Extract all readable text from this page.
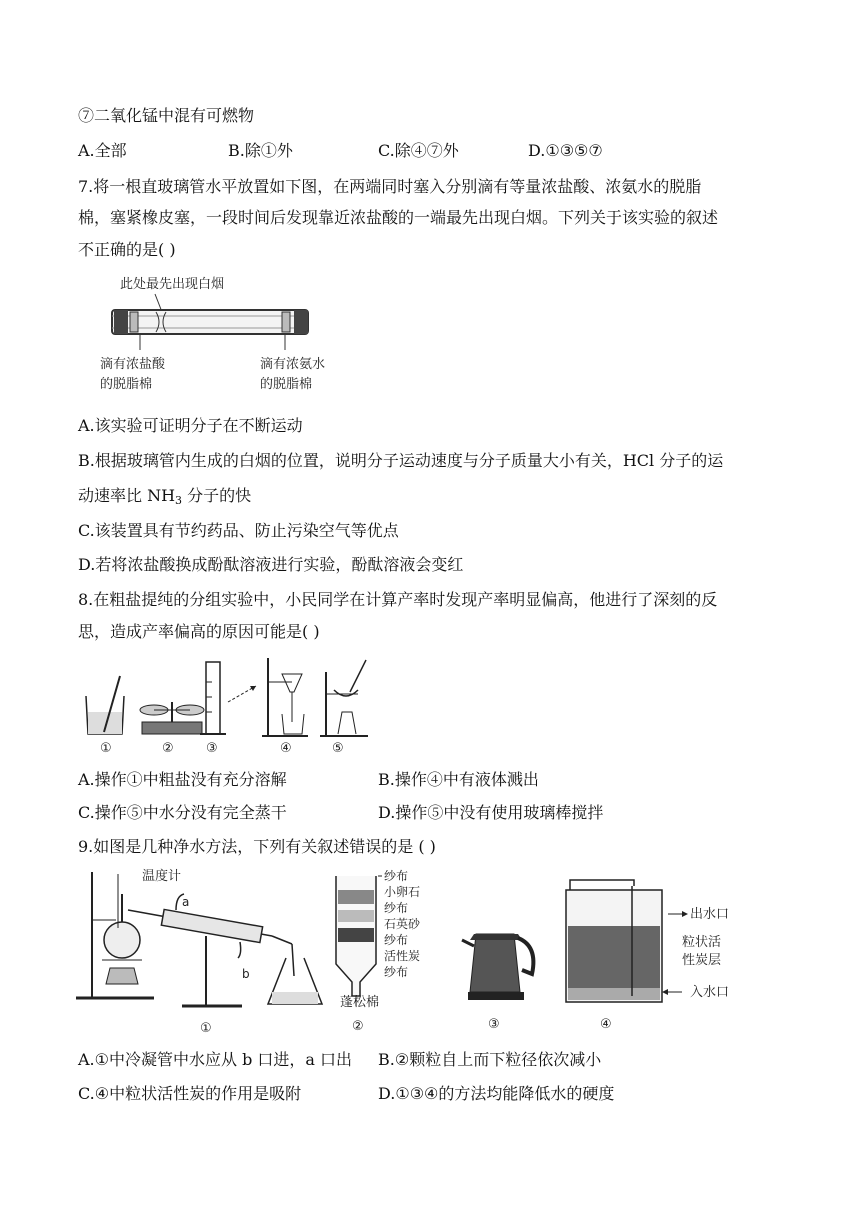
⑦二氧化锰中混有可燃物
A.全部	B.除①外	C.除④⑦外	D.①③⑤⑦
7.将一根直玻璃管水平放置如下图，在两端同时塞入分别滴有等量浓盐酸、浓氨水的脱脂
棉，塞紧橡皮塞，一段时间后发现靠近浓盐酸的一端最先出现白烟。下列关于该实验的叙述
不正确的是( )
此处最先出现白烟
滴有浓盐酸
的脱脂棉
滴有浓氨水
的脱脂棉
A.该实验可证明分子在不断运动
B.根据玻璃管内生成的白烟的位置，说明分子运动速度与分子质量大小有关，HCl 分子的运
动速率比 $NH_3$ 分子的快
C.该装置具有节约药品、防止污染空气等优点
D.若将浓盐酸换成酚酞溶液进行实验，酚酞溶液会变红
8.在粗盐提纯的分组实验中，小民同学在计算产率时发现产率明显偏高，他进行了深刻的反
思，造成产率偏高的原因可能是( )
①	② ③	④	⑤
A.操作①中粗盐没有充分溶解	B.操作④中有液体溅出
C.操作⑤中水分没有完全蒸干	D.操作⑤中没有使用玻璃棒搅拌
9.如图是几种净水方法，下列有关叙述错误的是 ( )
温度计
a
b
①
纱布
小卵石
纱布
石英砂
纱布
活性炭
纱布
蓬松棉
②	③
出水口
粒状活
性炭层
入水口
④
A.①中冷凝管中水应从 b 口进，a 口出 B.②颗粒自上而下粒径依次减小
C.④中粒状活性炭的作用是吸附	D.①③④的方法均能降低水的硬度
